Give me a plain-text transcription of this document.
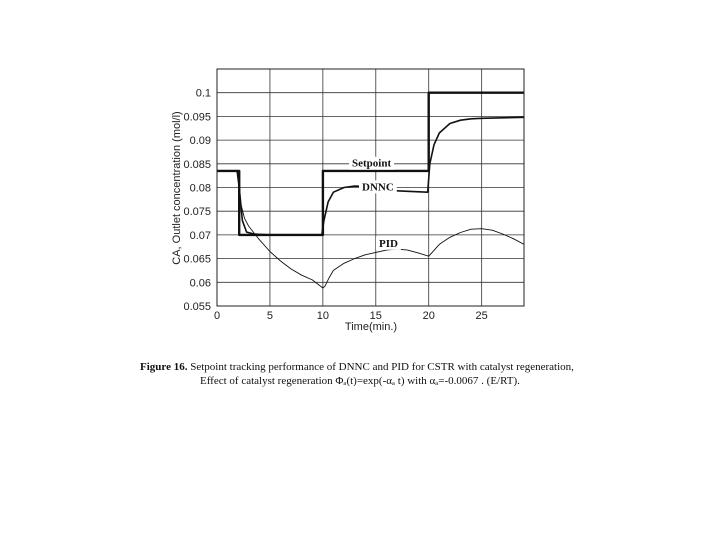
0	5	10	15	20	25
0.055
0.06
0.065
0.07
0.075
0.08
0.085
0.09
0.095
0.1
Setpoint
DNNC
PID
Time(min.)
CA, Outlet concentration (mol/l)
Figure 16. Setpoint tracking performance of DNNC and PID for CSTR with catalyst regeneration,
Effect of catalyst regeneration Φₐ(t)=exp(-αₐ t) with αₐ=-0.0067 . (E/RT).
